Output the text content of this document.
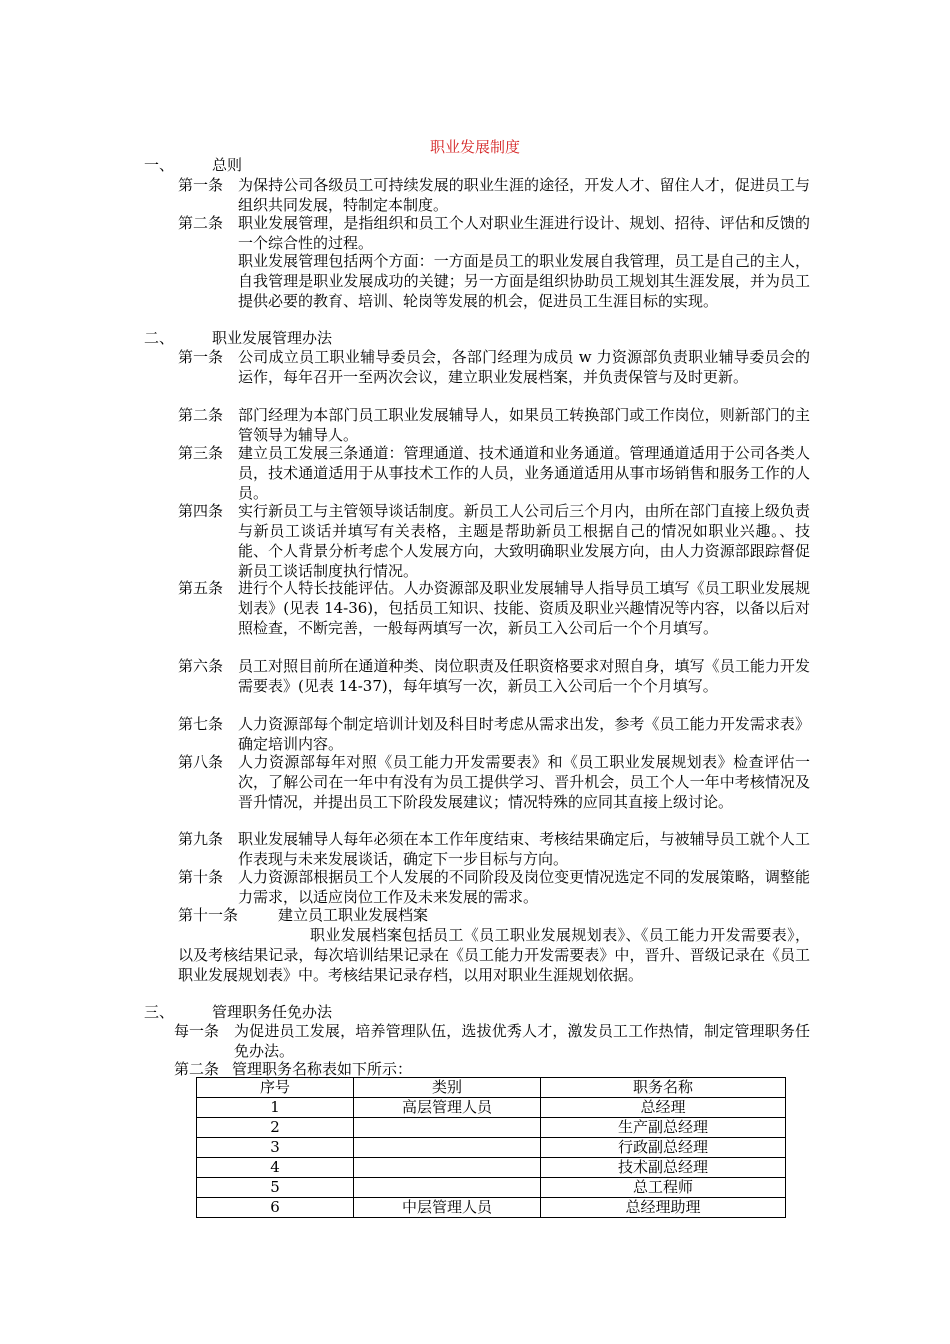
职业发展制度
一、	总则
第一条 为保持公司各级员工可持续发展的职业生涯的途径，开发人才、留住人才，促进员工与组织共同发展，特制定本制度。
第二条 职业发展管理，是指组织和员工个人对职业生涯进行设计、规划、招待、评估和反馈的一个综合性的过程。
职业发展管理包括两个方面：一方面是员工的职业发展自我管理，员工是自己的主人，自我管理是职业发展成功的关键；另一方面是组织协助员工规划其生涯发展，并为员工提供必要的教育、培训、轮岗等发展的机会，促进员工生涯目标的实现。
二、	职业发展管理办法
第一条 公司成立员工职业辅导委员会，各部门经理为成员 w 力资源部负责职业辅导委员会的运作，每年召开一至两次会议，建立职业发展档案，并负责保管与及时更新。
第二条 部门经理为本部门员工职业发展辅导人，如果员工转换部门或工作岗位，则新部门的主管领导为辅导人。
第三条 建立员工发展三条通道：管理通道、技术通道和业务通道。管理通道适用于公司各类人员，技术通道适用于从事技术工作的人员，业务通道适用从事市场销售和服务工作的人员。
第四条 实行新员工与主管领导谈话制度。新员工人公司后三个月内，由所在部门直接上级负责与新员工谈话并填写有关表格，主题是帮助新员工根据自己的情况如职业兴趣。、技能、个人背景分析考虑个人发展方向，大致明确职业发展方向，由人力资源部跟踪督促新员工谈话制度执行情况。
第五条 进行个人特长技能评估。人办资源部及职业发展辅导人指导员工填写《员工职业发展规划表》(见表 14-36)，包括员工知识、技能、资质及职业兴趣情况等内容，以备以后对照检查，不断完善，一般每两填写一次，新员工入公司后一个个月填写。
第六条 员工对照目前所在通道种类、岗位职责及任职资格要求对照自身，填写《员工能力开发需要表》(见表 14-37)，每年填写一次，新员工入公司后一个个月填写。
第七条 人力资源部每个制定培训计划及科目时考虑从需求出发，参考《员工能力开发需求表》确定培训内容。
第八条 人力资源部每年对照《员工能力开发需要表》和《员工职业发展规划表》检查评估一次，了解公司在一年中有没有为员工提供学习、晋升机会，员工个人一年中考核情况及晋升情况，并提出员工下阶段发展建议；情况特殊的应同其直接上级讨论。
第九条 职业发展辅导人每年必须在本工作年度结束、考核结果确定后，与被辅导员工就个人工作表现与未来发展谈话，确定下一步目标与方向。
第十条 人力资源部根据员工个人发展的不同阶段及岗位变更情况选定不同的发展策略，调整能力需求，以适应岗位工作及未来发展的需求。
第十一条	建立员工职业发展档案
职业发展档案包括员工《员工职业发展规划表》、《员工能力开发需要表》，以及考核结果记录，每次培训结果记录在《员工能力开发需要表》中，晋升、晋级记录在《员工职业发展规划表》中。考核结果记录存档，以用对职业生涯规划依据。
三、	管理职务任免办法
每一条 为促进员工发展，培养管理队伍，选拔优秀人才，激发员工工作热情，制定管理职务任免办法。
第二条 管理职务名称表如下所示：
序号	类别	职务名称
1	高层管理人员	总经理
2		生产副总经理
3		行政副总经理
4		技术副总经理
5		总工程师
6	中层管理人员	总经理助理
